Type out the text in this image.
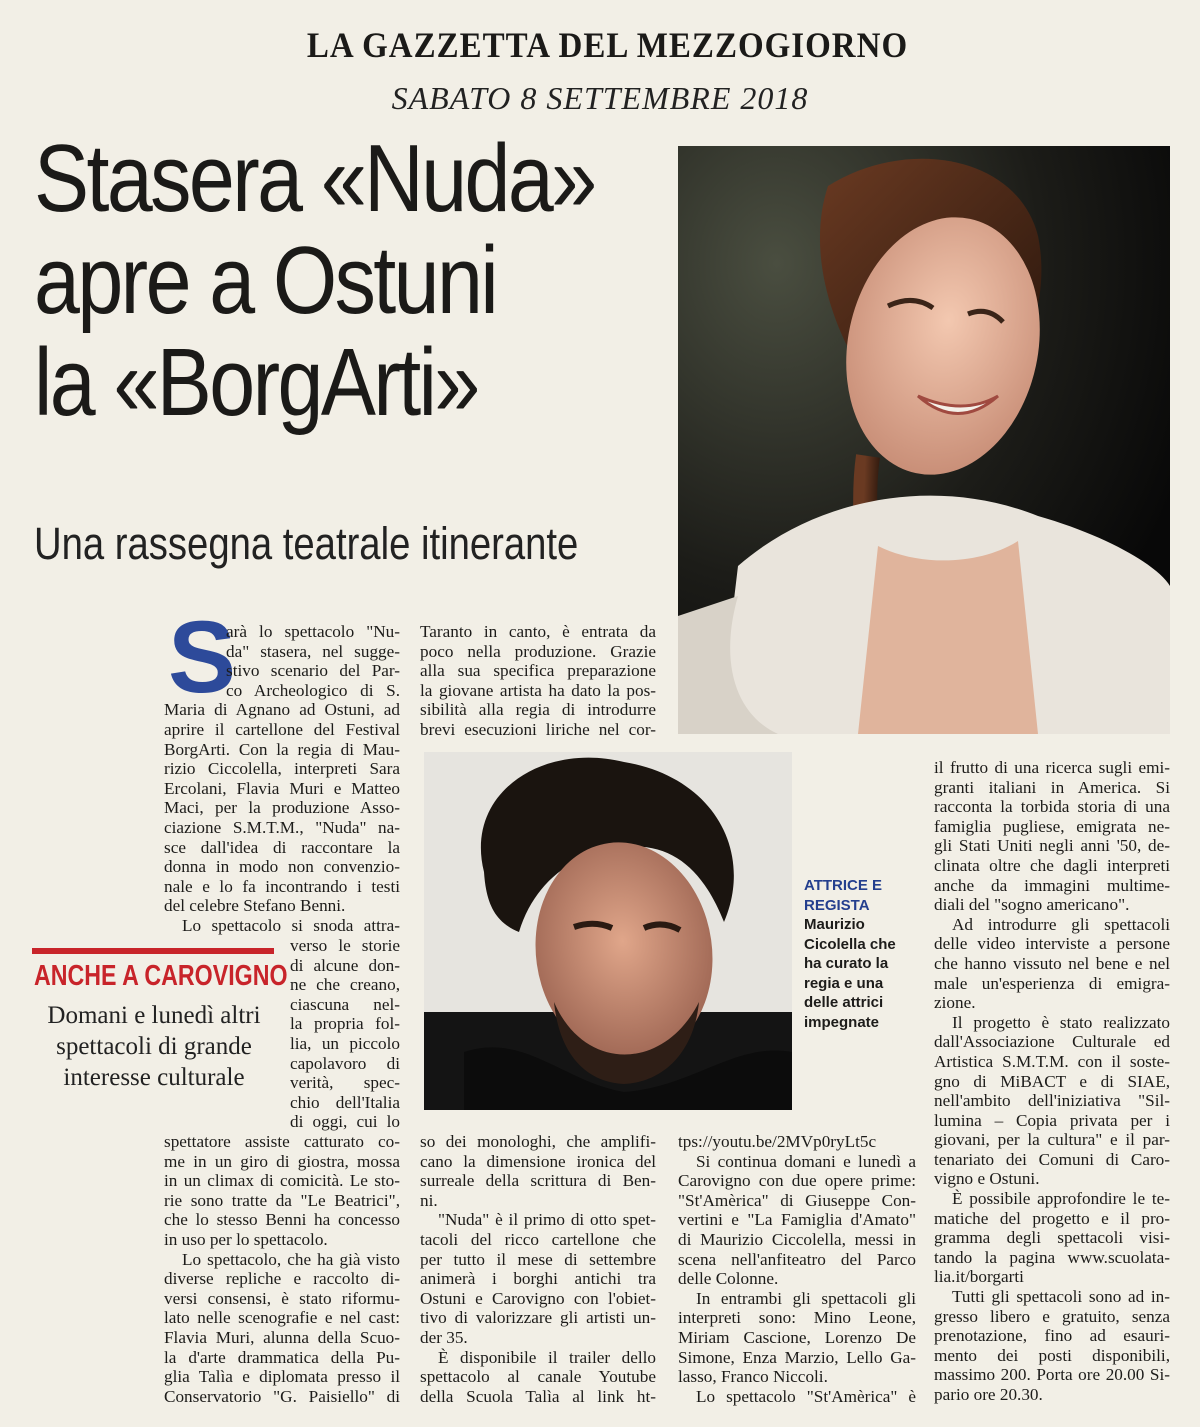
LA GAZZETTA DEL MEZZOGIORNO
SABATO 8 SETTEMBRE 2018
Stasera «Nuda»
apre a Ostuni
la «BorgArti»
Una rassegna teatrale itinerante
S
arà lo spettacolo "Nu-
da" stasera, nel sugge-
stivo scenario del Par-
co Archeologico di S.
Maria di Agnano ad Ostuni, ad
aprire il cartellone del Festival
BorgArti. Con la regia di Mau-
rizio Ciccolella, interpreti Sara
Ercolani, Flavia Muri e Matteo
Maci, per la produzione Asso-
ciazione S.M.T.M., "Nuda" na-
sce dall'idea di raccontare la
donna in modo non convenzio-
nale e lo fa incontrando i testi
del celebre Stefano Benni.
Lo spettacolo si snoda attra-
verso le storie
di alcune don-
ne che creano,
ciascuna nel-
la propria fol-
lia, un piccolo
capolavoro di
verità, spec-
chio dell'Italia
di oggi, cui lo
ANCHE A CAROVIGNO
Domani e lunedì altri
spettacoli di grande
interesse culturale
spettatore assiste catturato co-
me in un giro di giostra, mossa
in un climax di comicità. Le sto-
rie sono tratte da "Le Beatrici",
che lo stesso Benni ha concesso
in uso per lo spettacolo.
Lo spettacolo, che ha già visto
diverse repliche e raccolto di-
versi consensi, è stato riformu-
lato nelle scenografie e nel cast:
Flavia Muri, alunna della Scuo-
la d'arte drammatica della Pu-
glia Talìa e diplomata presso il
Conservatorio "G. Paisiello" di
Taranto in canto, è entrata da
poco nella produzione. Grazie
alla sua specifica preparazione
la giovane artista ha dato la pos-
sibilità alla regia di introdurre
brevi esecuzioni liriche nel cor-
so dei monologhi, che amplifi-
cano la dimensione ironica del
surreale della scrittura di Ben-
ni.
"Nuda" è il primo di otto spet-
tacoli del ricco cartellone che
per tutto il mese di settembre
animerà i borghi antichi tra
Ostuni e Carovigno con l'obiet-
tivo di valorizzare gli artisti un-
der 35.
È disponibile il trailer dello
spettacolo al canale Youtube
della Scuola Talìa al link ht-
tps://youtu.be/2MVp0ryLt5c
Si continua domani e lunedì a
Carovigno con due opere prime:
"St'Amèrica" di Giuseppe Con-
vertini e "La Famiglia d'Amato"
di Maurizio Ciccolella, messi in
scena nell'anfiteatro del Parco
delle Colonne.
In entrambi gli spettacoli gli
interpreti sono: Mino Leone,
Miriam Cascione, Lorenzo De
Simone, Enza Marzio, Lello Ga-
lasso, Franco Niccoli.
Lo spettacolo "St'Amèrica" è
ATTRICE E
REGISTA
Maurizio
Cicolella che
ha curato la
regia e una
delle attrici
impegnate
il frutto di una ricerca sugli emi-
granti italiani in America. Si
racconta la torbida storia di una
famiglia pugliese, emigrata ne-
gli Stati Uniti negli anni '50, de-
clinata oltre che dagli interpreti
anche da immagini multime-
diali del "sogno americano".
Ad introdurre gli spettacoli
delle video interviste a persone
che hanno vissuto nel bene e nel
male un'esperienza di emigra-
zione.
Il progetto è stato realizzato
dall'Associazione Culturale ed
Artistica S.M.T.M. con il soste-
gno di MiBACT e di SIAE,
nell'ambito dell'iniziativa "Sil-
lumina – Copia privata per i
giovani, per la cultura" e il par-
tenariato dei Comuni di Caro-
vigno e Ostuni.
È possibile approfondire le te-
matiche del progetto e il pro-
gramma degli spettacoli visi-
tando la pagina www.scuolata-
lia.it/borgarti
Tutti gli spettacoli sono ad in-
gresso libero e gratuito, senza
prenotazione, fino ad esauri-
mento dei posti disponibili,
massimo 200. Porta ore 20.00 Si-
pario ore 20.30.
